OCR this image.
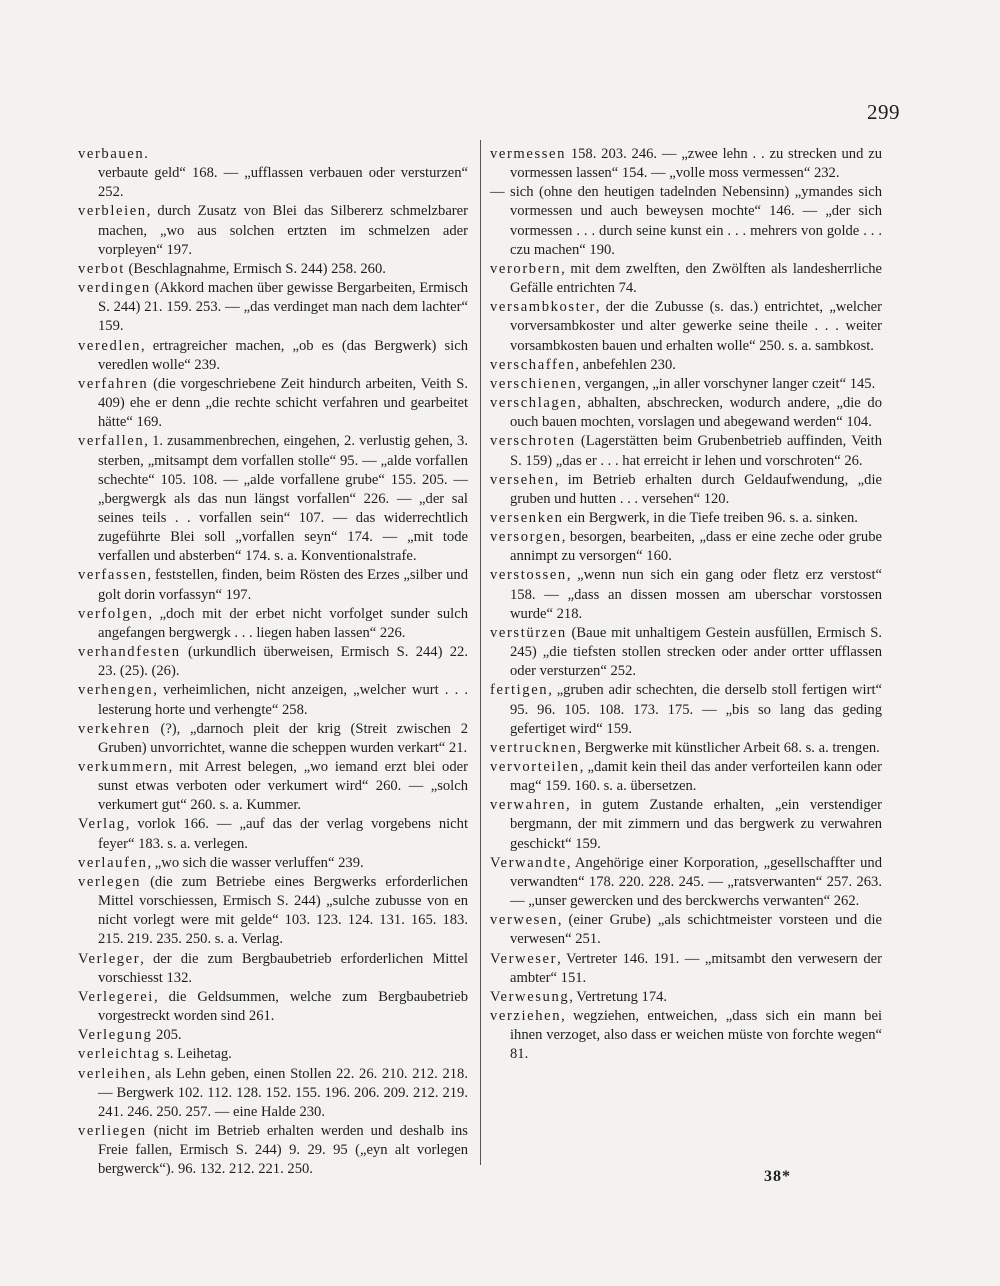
299
verbauen.
verbaute geld“ 168. — „ufflassen verbauen oder versturzen“ 252.
verbleien, durch Zusatz von Blei das Silbererz schmelzbarer machen, „wo aus solchen ertzten im schmelzen ader vorpleyen“ 197.
verbot (Beschlagnahme, Ermisch S. 244) 258. 260.
verdingen (Akkord machen über gewisse Bergarbeiten, Ermisch S. 244) 21. 159. 253. — „das verdinget man nach dem lachter“ 159.
veredlen, ertragreicher machen, „ob es (das Bergwerk) sich veredlen wolle“ 239.
verfahren (die vorgeschriebene Zeit hindurch arbeiten, Veith S. 409) ehe er denn „die rechte schicht verfahren und gearbeitet hätte“ 169.
verfallen, 1. zusammenbrechen, eingehen, 2. verlustig gehen, 3. sterben, „mitsampt dem vorfallen stolle“ 95. — „alde vorfallen schechte“ 105. 108. — „alde vorfallene grube“ 155. 205. — „bergwergk als das nun längst vorfallen“ 226. — „der sal seines teils . . vorfallen sein“ 107. — das widerrechtlich zugeführte Blei soll „vorfallen seyn“ 174. — „mit tode verfallen und absterben“ 174. s. a. Konventionalstrafe.
verfassen, feststellen, finden, beim Rösten des Erzes „silber und golt dorin vorfassyn“ 197.
verfolgen, „doch mit der erbet nicht vorfolget sunder sulch angefangen bergwergk . . . liegen haben lassen“ 226.
verhandfesten (urkundlich überweisen, Ermisch S. 244) 22. 23. (25). (26).
verhengen, verheimlichen, nicht anzeigen, „welcher wurt . . . lesterung horte und verhengte“ 258.
verkehren (?), „darnoch pleit der krig (Streit zwischen 2 Gruben) unvorrichtet, wanne die scheppen wurden verkart“ 21.
verkummern, mit Arrest belegen, „wo iemand erzt blei oder sunst etwas verboten oder verkumert wird“ 260. — „solch verkumert gut“ 260. s. a. Kummer.
Verlag, vorlok 166. — „auf das der verlag vorgebens nicht feyer“ 183. s. a. verlegen.
verlaufen, „wo sich die wasser verluffen“ 239.
verlegen (die zum Betriebe eines Bergwerks erforderlichen Mittel vorschiessen, Ermisch S. 244) „sulche zubusse von en nicht vorlegt were mit gelde“ 103. 123. 124. 131. 165. 183. 215. 219. 235. 250. s. a. Verlag.
Verleger, der die zum Bergbaubetrieb erforderlichen Mittel vorschiesst 132.
Verlegerei, die Geldsummen, welche zum Bergbaubetrieb vorgestreckt worden sind 261.
Verlegung 205.
verleichtag s. Leihetag.
verleihen, als Lehn geben, einen Stollen 22. 26. 210. 212. 218. — Bergwerk 102. 112. 128. 152. 155. 196. 206. 209. 212. 219. 241. 246. 250. 257. — eine Halde 230.
verliegen (nicht im Betrieb erhalten werden und deshalb ins Freie fallen, Ermisch S. 244) 9. 29. 95 („eyn alt vorlegen bergwerck“). 96. 132. 212. 221. 250.
vermessen 158. 203. 246. — „zwee lehn . . zu strecken und zu vormessen lassen“ 154. — „volle moss vermessen“ 232.
— sich (ohne den heutigen tadelnden Nebensinn) „ymandes sich vormessen und auch beweysen mochte“ 146. — „der sich vormessen . . . durch seine kunst ein . . . mehrers von golde . . . czu machen“ 190.
verorbern, mit dem zwelften, den Zwölften als landesherrliche Gefälle entrichten 74.
versambkoster, der die Zubusse (s. das.) entrichtet, „welcher vorversambkoster und alter gewerke seine theile . . . weiter vorsambkosten bauen und erhalten wolle“ 250. s. a. sambkost.
verschaffen, anbefehlen 230.
verschienen, vergangen, „in aller vorschyner langer czeit“ 145.
verschlagen, abhalten, abschrecken, wodurch andere, „die do ouch bauen mochten, vorslagen und abegewand werden“ 104.
verschroten (Lagerstätten beim Grubenbetrieb auffinden, Veith S. 159) „das er . . . hat erreicht ir lehen und vorschroten“ 26.
versehen, im Betrieb erhalten durch Geldaufwendung, „die gruben und hutten . . . versehen“ 120.
versenken ein Bergwerk, in die Tiefe treiben 96. s. a. sinken.
versorgen, besorgen, bearbeiten, „dass er eine zeche oder grube annimpt zu versorgen“ 160.
verstossen, „wenn nun sich ein gang oder fletz erz verstost“ 158. — „dass an dissen mossen am uberschar vorstossen wurde“ 218.
verstürzen (Baue mit unhaltigem Gestein ausfüllen, Ermisch S. 245) „die tiefsten stollen strecken oder ander ortter ufflassen oder versturzen“ 252.
fertigen, „gruben adir schechten, die derselb stoll fertigen wirt“ 95. 96. 105. 108. 173. 175. — „bis so lang das geding gefertiget wird“ 159.
vertrucknen, Bergwerke mit künstlicher Arbeit 68. s. a. trengen.
vervorteilen, „damit kein theil das ander verforteilen kann oder mag“ 159. 160. s. a. übersetzen.
verwahren, in gutem Zustande erhalten, „ein verstendiger bergmann, der mit zimmern und das bergwerk zu verwahren geschickt“ 159.
Verwandte, Angehörige einer Korporation, „gesellschaffter und verwandten“ 178. 220. 228. 245. — „ratsverwanten“ 257. 263. — „unser gewercken und des berckwerchs verwanten“ 262.
verwesen, (einer Grube) „als schichtmeister vorsteen und die verwesen“ 251.
Verweser, Vertreter 146. 191. — „mitsambt den verwesern der ambter“ 151.
Verwesung, Vertretung 174.
verziehen, wegziehen, entweichen, „dass sich ein mann bei ihnen verzoget, also dass er weichen müste von forchte wegen“ 81.
38*
